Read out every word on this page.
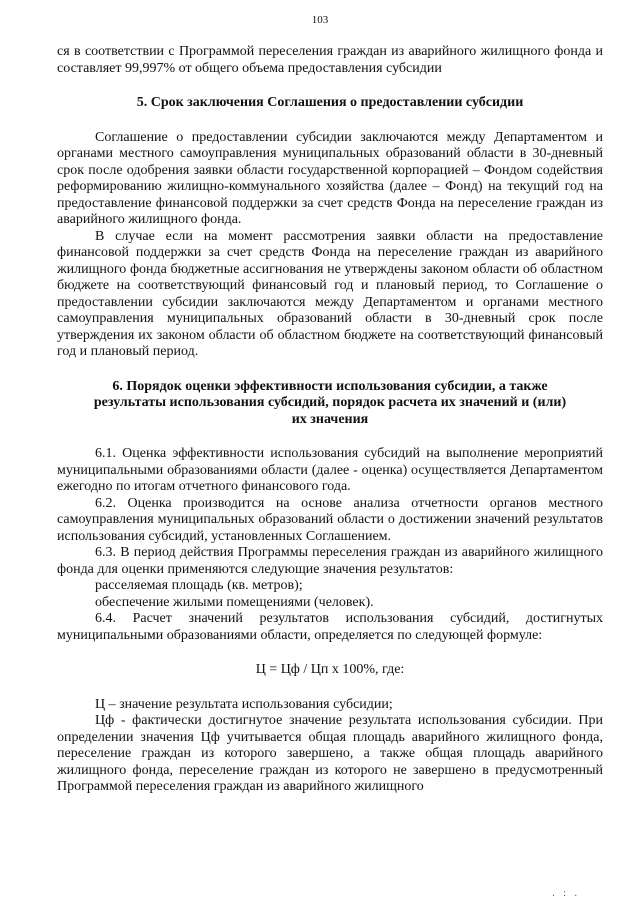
103

ся в соответствии с Программой переселения граждан из аварийного жилищного фонда и составляет 99,997% от общего объема предоставления субсидии

5. Срок заключения Соглашения о предоставлении субсидии

Соглашение о предоставлении субсидии заключаются между Департаментом и органами местного самоуправления муниципальных образований области в 30-дневный срок после одобрения заявки области государственной корпорацией – Фондом содействия реформированию жилищно-коммунального хозяйства (далее – Фонд) на текущий год на предоставление финансовой поддержки за счет средств Фонда на переселение граждан из аварийного жилищного фонда.

В случае если на момент рассмотрения заявки области на предоставление финансовой поддержки за счет средств Фонда на переселение граждан из аварийного жилищного фонда бюджетные ассигнования не утверждены законом области об областном бюджете на соответствующий финансовый год и плановый период, то Соглашение о предоставлении субсидии заключаются между Департаментом и органами местного самоуправления муниципальных образований области в 30-дневный срок после утверждения их законом области об областном бюджете на соответствующий финансовый год и плановый период.

6. Порядок оценки эффективности использования субсидии, а также
результаты использования субсидий, порядок расчета их значений и (или)
их значения

6.1. Оценка эффективности использования субсидий на выполнение мероприятий муниципальными образованиями области (далее - оценка) осуществляется Департаментом ежегодно по итогам отчетного финансового года.

6.2. Оценка производится на основе анализа отчетности органов местного самоуправления муниципальных образований области о достижении значений результатов использования субсидий, установленных Соглашением.

6.3. В период действия Программы переселения граждан из аварийного жилищного фонда для оценки применяются следующие значения результатов:

расселяемая площадь (кв. метров);

обеспечение жилыми помещениями (человек).

6.4. Расчет значений результатов использования субсидий, достигнутых муниципальными образованиями области, определяется по следующей формуле:

Ц = Цф / Цп х 100%, где:

Ц – значение результата использования субсидии;

Цф - фактически достигнутое значение результата использования субсидии. При определении значения Цф учитывается общая площадь аварийного жилищного фонда, переселение граждан из которого завершено, а также общая площадь аварийного жилищного фонда, переселение граждан из которого не завершено в предусмотренный Программой переселения граждан из аварийного жилищного

. : .
